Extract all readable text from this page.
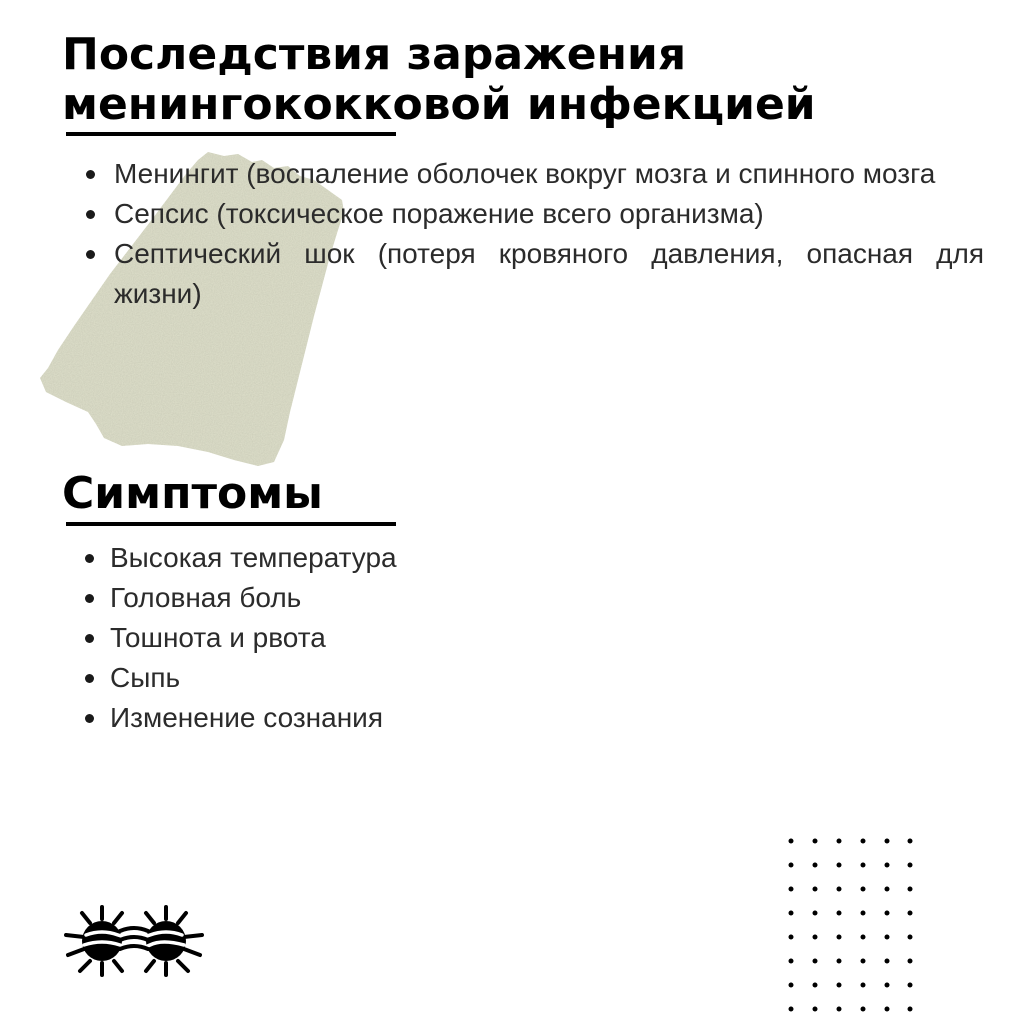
Последствия заражения
менингококковой инфекцией
Менингит (воспаление оболочек вокруг мозга и спинного мозга
Сепсис (токсическое поражение всего организма)
Септический шок (потеря кровяного давления, опасная для жизни)
Симптомы
Высокая температура
Головная боль
Тошнота и рвота
Сыпь
Изменение сознания
